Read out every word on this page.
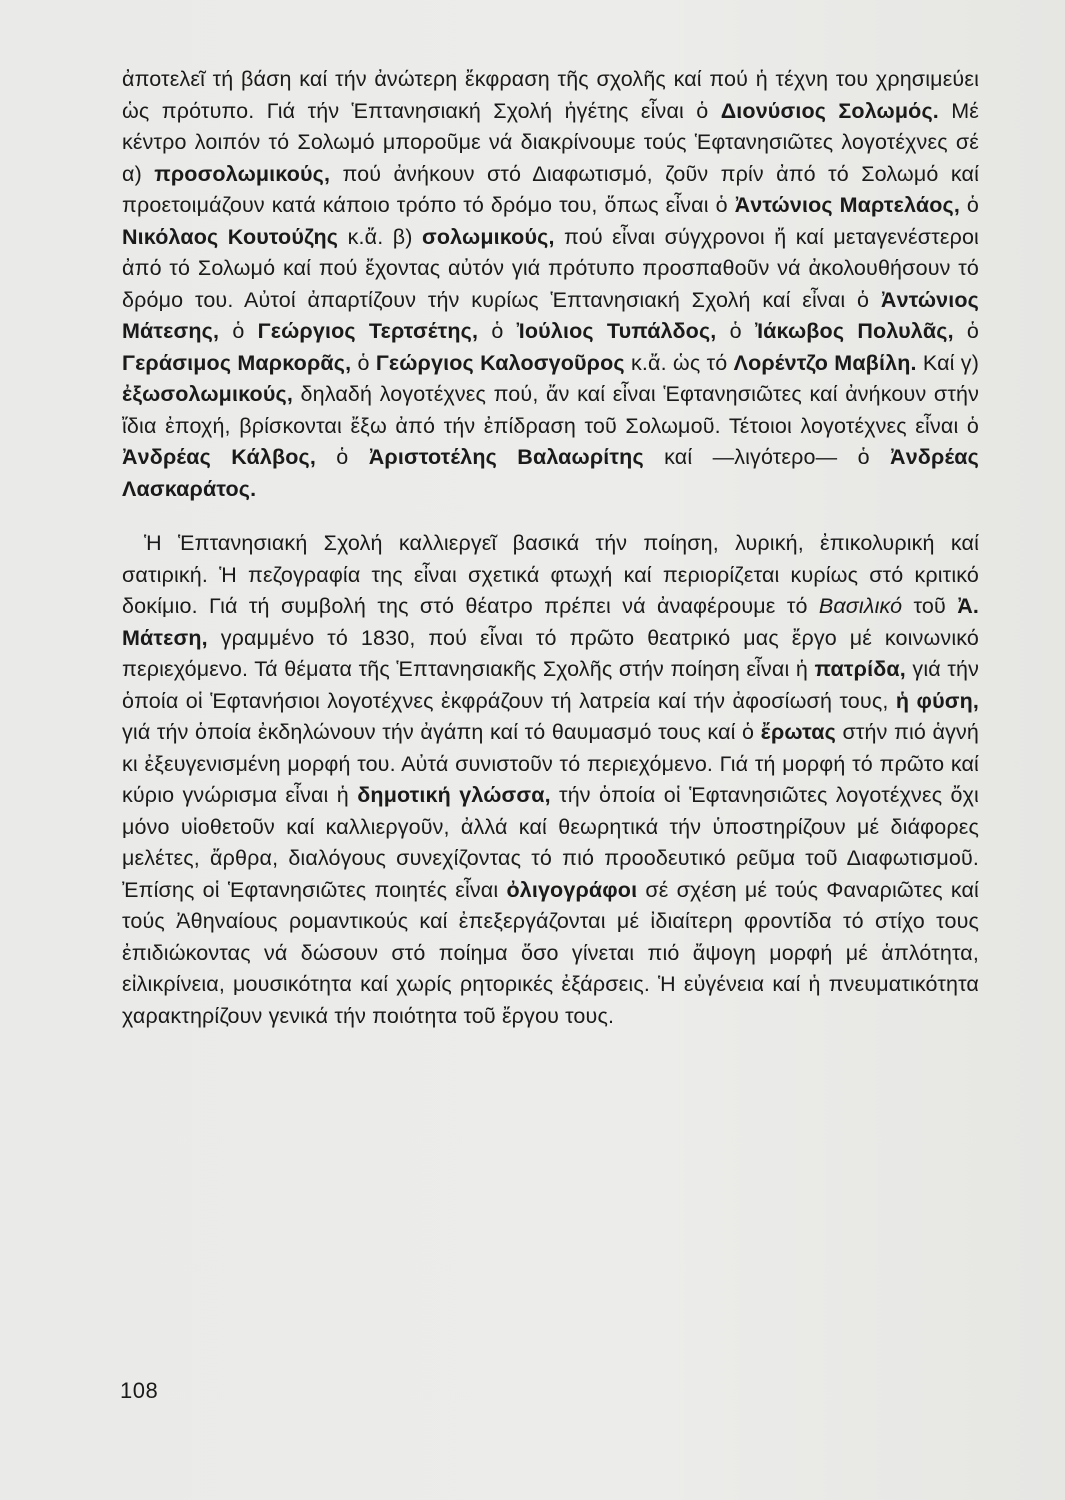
ἀποτελεῖ τή βάση καί τήν ἀνώτερη ἔκφραση τῆς σχολῆς καί πού ἡ τέχνη του χρησιμεύει ὡς πρότυπο. Γιά τήν Ἑπτανησιακή Σχολή ἡγέτης εἶναι ὁ Διονύσιος Σολωμός. Μέ κέντρο λοιπόν τό Σολωμό μποροῦμε νά διακρίνουμε τούς Ἑφτανησιῶτες λογοτέχνες σέ α) προσολωμικούς, πού ἀνήκουν στό Διαφωτισμό, ζοῦν πρίν ἀπό τό Σολωμό καί προετοιμάζουν κατά κάποιο τρόπο τό δρόμο του, ὅπως εἶναι ὁ Ἀντώνιος Μαρτελάος, ὁ Νικόλαος Κουτούζης κ.ἄ. β) σολωμικούς, πού εἶναι σύγχρονοι ἤ καί μεταγενέστεροι ἀπό τό Σολωμό καί πού ἔχοντας αὐτόν γιά πρότυπο προσπαθοῦν νά ἀκολουθήσουν τό δρόμο του. Αὐτοί ἀπαρτίζουν τήν κυρίως Ἑπτανησιακή Σχολή καί εἶναι ὁ Ἀντώνιος Μάτεσης, ὁ Γεώργιος Τερτσέτης, ὁ Ἰούλιος Τυπάλδος, ὁ Ἰάκωβος Πολυλᾶς, ὁ Γεράσιμος Μαρκορᾶς, ὁ Γεώργιος Καλοσγοῦρος κ.ἄ. ὡς τό Λορέντζο Μαβίλη. Καί γ) ἐξωσολωμικούς, δηλαδή λογοτέχνες πού, ἄν καί εἶναι Ἑφτανησιῶτες καί ἀνήκουν στήν ἴδια ἐποχή, βρίσκονται ἔξω ἀπό τήν ἐπίδραση τοῦ Σολωμοῦ. Τέτοιοι λογοτέχνες εἶναι ὁ Ἀνδρέας Κάλβος, ὁ Ἀριστοτέλης Βαλαωρίτης καί —λιγότερο— ὁ Ἀνδρέας Λασκαράτος.

Ἡ Ἑπτανησιακή Σχολή καλλιεργεῖ βασικά τήν ποίηση, λυρική, ἐπικολυρική καί σατιρική. Ἡ πεζογραφία της εἶναι σχετικά φτωχή καί περιορίζεται κυρίως στό κριτικό δοκίμιο. Γιά τή συμβολή της στό θέατρο πρέπει νά ἀναφέρουμε τό Βασιλικό τοῦ Ἀ. Μάτεση, γραμμένο τό 1830, πού εἶναι τό πρῶτο θεατρικό μας ἔργο μέ κοινωνικό περιεχόμενο. Τά θέματα τῆς Ἑπτανησιακῆς Σχολῆς στήν ποίηση εἶναι ἡ πατρίδα, γιά τήν ὁποία οἱ Ἑφτανήσιοι λογοτέχνες ἐκφράζουν τή λατρεία καί τήν ἀφοσίωσή τους, ἡ φύση, γιά τήν ὁποία ἐκδηλώνουν τήν ἀγάπη καί τό θαυμασμό τους καί ὁ ἔρωτας στήν πιό ἁγνή κι ἐξευγενισμένη μορφή του. Αὐτά συνιστοῦν τό περιεχόμενο. Γιά τή μορφή τό πρῶτο καί κύριο γνώρισμα εἶναι ἡ δημοτική γλώσσα, τήν ὁποία οἱ Ἑφτανησιῶτες λογοτέχνες ὄχι μόνο υἱοθετοῦν καί καλλιεργοῦν, ἀλλά καί θεωρητικά τήν ὑποστηρίζουν μέ διάφορες μελέτες, ἄρθρα, διαλόγους συνεχίζοντας τό πιό προοδευτικό ρεῦμα τοῦ Διαφωτισμοῦ. Ἐπίσης οἱ Ἑφτανησιῶτες ποιητές εἶναι ὀλιγογράφοι σέ σχέση μέ τούς Φαναριῶτες καί τούς Ἀθηναίους ρομαντικούς καί ἐπεξεργάζονται μέ ἰδιαίτερη φροντίδα τό στίχο τους ἐπιδιώκοντας νά δώσουν στό ποίημα ὅσο γίνεται πιό ἄψογη μορφή μέ ἁπλότητα, εἰλικρίνεια, μουσικότητα καί χωρίς ρητορικές ἐξάρσεις. Ἡ εὐγένεια καί ἡ πνευματικότητα χαρακτηρίζουν γενικά τήν ποιότητα τοῦ ἔργου τους.

108
